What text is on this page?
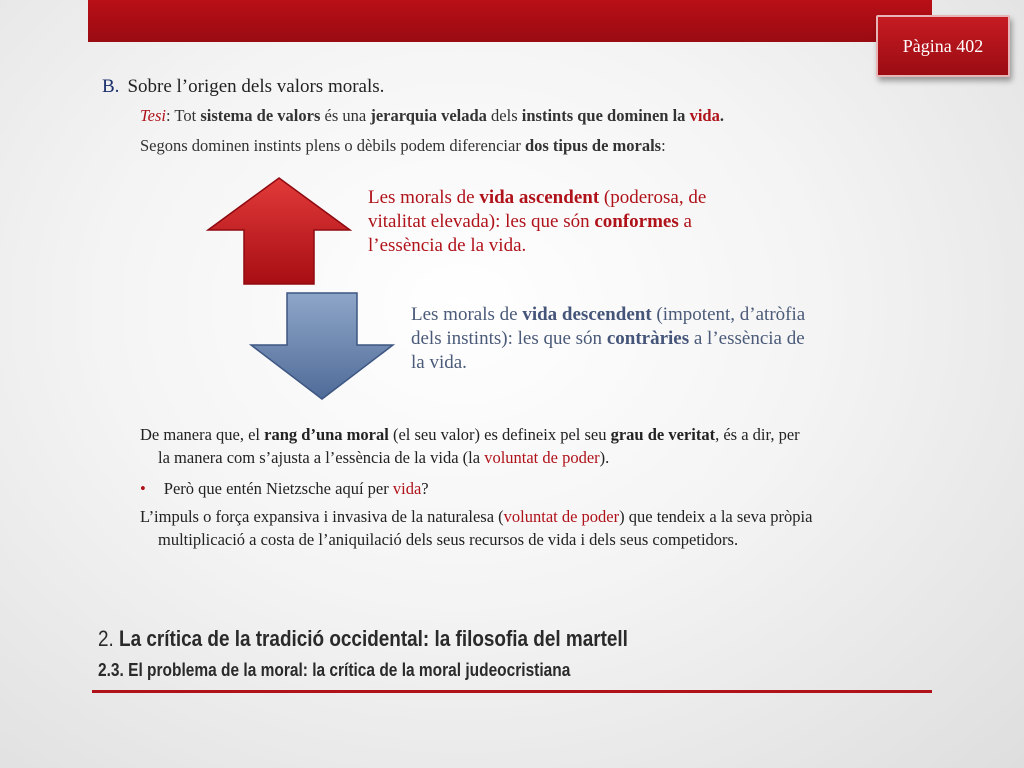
Pàgina 402
B. Sobre l’origen dels valors morals.
Tesi: Tot sistema de valors és una jerarquia velada dels instints que dominen la vida.
Segons dominen instints plens o dèbils podem diferenciar dos tipus de morals:
Les morals de vida ascendent (poderosa, de vitalitat elevada): les que són conformes a l’essència de la vida.
Les morals de vida descendent (impotent, d’atròfia dels instints): les que són contràries a l’essència de la vida.
De manera que, el rang d’una moral (el seu valor) es defineix pel seu grau de veritat, és a dir, per
la manera com s’ajusta a l’essència de la vida (la voluntat de poder).
• Però que entén Nietzsche aquí per vida?
L’impuls o força expansiva i invasiva de la naturalesa (voluntat de poder) que tendeix a la seva pròpia
multiplicació a costa de l’aniquilació dels seus recursos de vida i dels seus competidors.
2. La crítica de la tradició occidental: la filosofia del martell
2.3. El problema de la moral: la crítica de la moral judeocristiana
